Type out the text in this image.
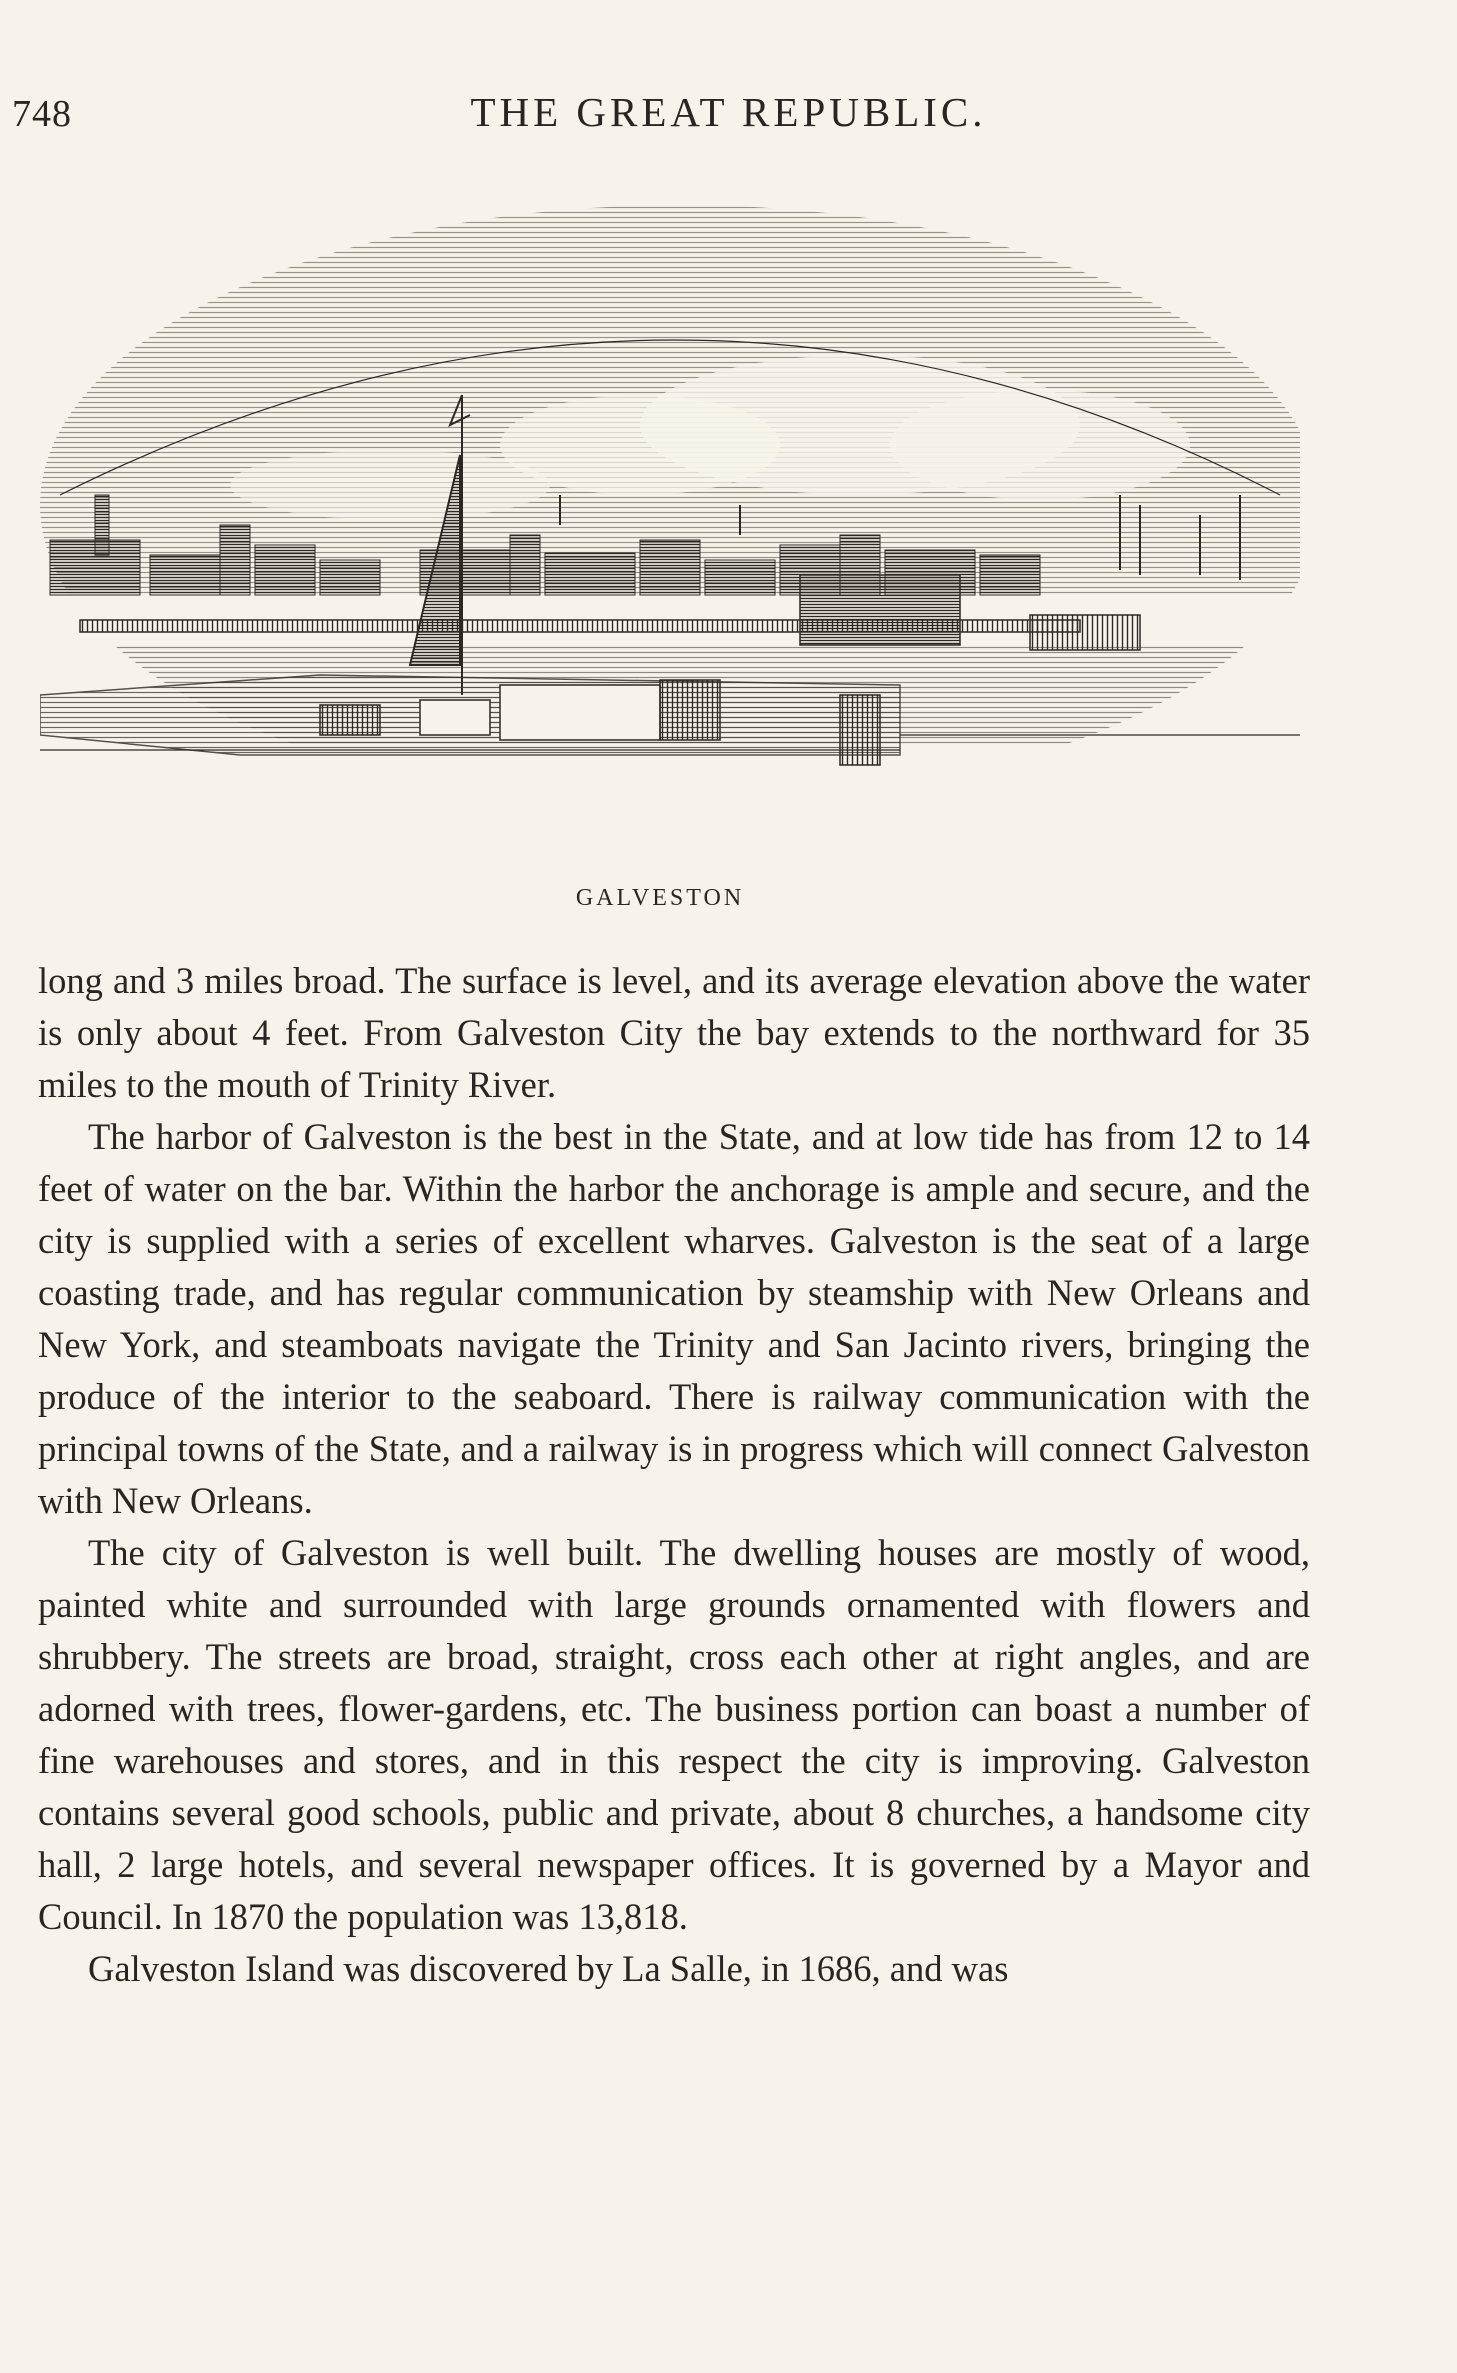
748	THE GREAT REPUBLIC.
GALVESTON

long and 3 miles broad. The surface is level, and its average elevation above the water is only about 4 feet. From Galveston City the bay extends to the northward for 35 miles to the mouth of Trinity River.

The harbor of Galveston is the best in the State, and at low tide has from 12 to 14 feet of water on the bar. Within the harbor the anchorage is ample and secure, and the city is supplied with a series of excellent wharves. Galveston is the seat of a large coasting trade, and has regular communication by steamship with New Orleans and New York, and steamboats navigate the Trinity and San Jacinto rivers, bringing the produce of the interior to the seaboard. There is railway communication with the principal towns of the State, and a railway is in progress which will connect Galveston with New Orleans.

The city of Galveston is well built. The dwelling houses are mostly of wood, painted white and surrounded with large grounds ornamented with flowers and shrubbery. The streets are broad, straight, cross each other at right angles, and are adorned with trees, flower-gardens, etc. The business portion can boast a number of fine warehouses and stores, and in this respect the city is improving. Galveston contains several good schools, public and private, about 8 churches, a handsome city hall, 2 large hotels, and several newspaper offices. It is governed by a Mayor and Council. In 1870 the population was 13,818.

Galveston Island was discovered by La Salle, in 1686, and was
